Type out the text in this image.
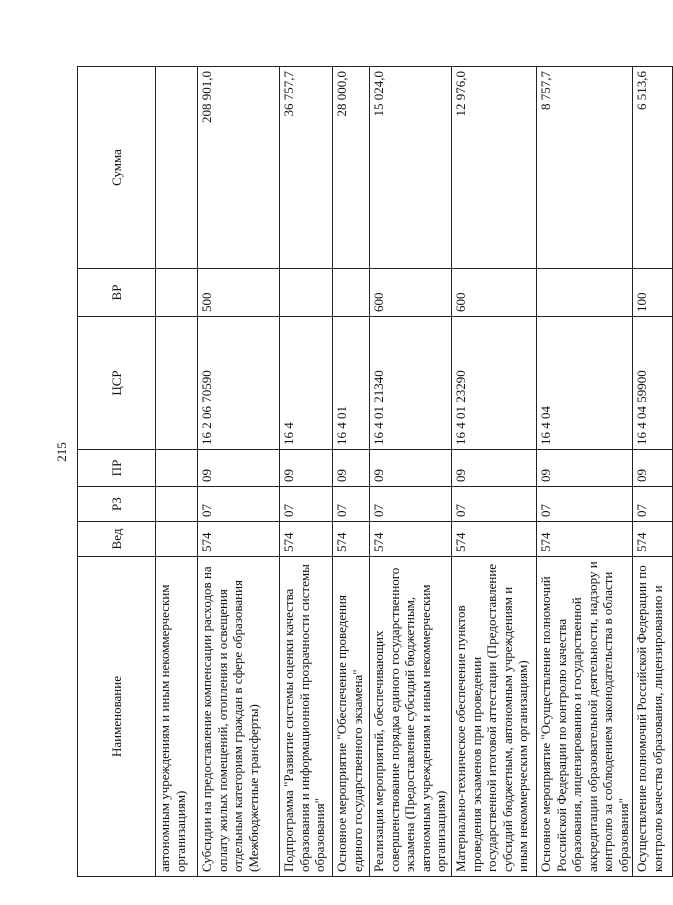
215
Наименование	Вед	РЗ	ПР	ЦСР	ВР	Сумма
автономным учреждениям и иным некоммерческим организациям)						
Субсидии на предоставление компенсации расходов на оплату жилых помещений, отопления и освещения отдельным категориям граждан в сфере образования (Межбюджетные трансферты)	574	07	09	16 2 06 70590	500	208 901,0
Подпрограмма "Развитие системы оценки качества образования и информационной прозрачности системы образования"	574	07	09	16 4		36 757,7
Основное мероприятие "Обеспечение проведения единого государственного экзамена"	574	07	09	16 4 01		28 000,0
Реализация мероприятий, обеспечивающих совершенствование порядка единого государственного экзамена (Предоставление субсидий бюджетным, автономным учреждениям и иным некоммерческим организациям)	574	07	09	16 4 01 21340	600	15 024,0
Материально-техническое обеспечение пунктов проведения экзаменов при проведении государственной итоговой аттестации (Предоставление субсидий бюджетным, автономным учреждениям и иным некоммерческим организациям)	574	07	09	16 4 01 23290	600	12 976,0
Основное мероприятие "Осуществление полномочий Российской Федерации по контролю качества образования, лицензированию и государственной аккредитации образовательной деятельности, надзору и контролю за соблюдением законодательства в области образования"	574	07	09	16 4 04		8 757,7
Осуществление полномочий Российской Федерации по контролю качества образования, лицензированию и	574	07	09	16 4 04 59900	100	6 513,6
